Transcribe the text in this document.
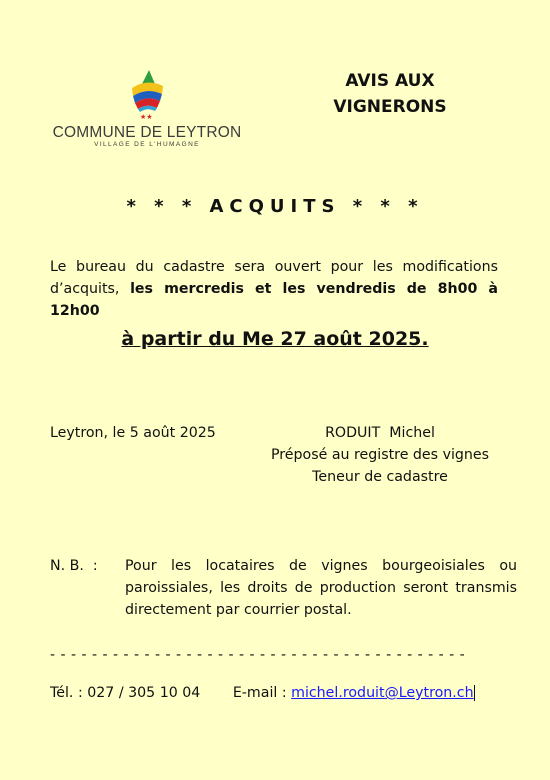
★★
COMMUNE DE LEYTRON
VILLAGE DE L'HUMAGNE
AVIS AUX
VIGNERONS
* * * ACQUITS * * *
Le bureau du cadastre sera ouvert pour les modifications d’acquits, les mercredis et les vendredis de 8h00 à 12h00
à partir du Me 27 août 2025.
Leytron, le 5 août 2025	RODUIT  Michel
Préposé au registre des vignes
Teneur de cadastre
N. B.  : Pour les locataires de vignes bourgeoisiales ou paroissiales, les droits de production seront transmis directement par courrier postal.
- - - - - - - - - - - - - - - - - - - - - - - - - - - - - - - - - - - - - - - -
Tél. : 027 / 305 10 04 E-mail : michel.roduit@Leytron.ch
